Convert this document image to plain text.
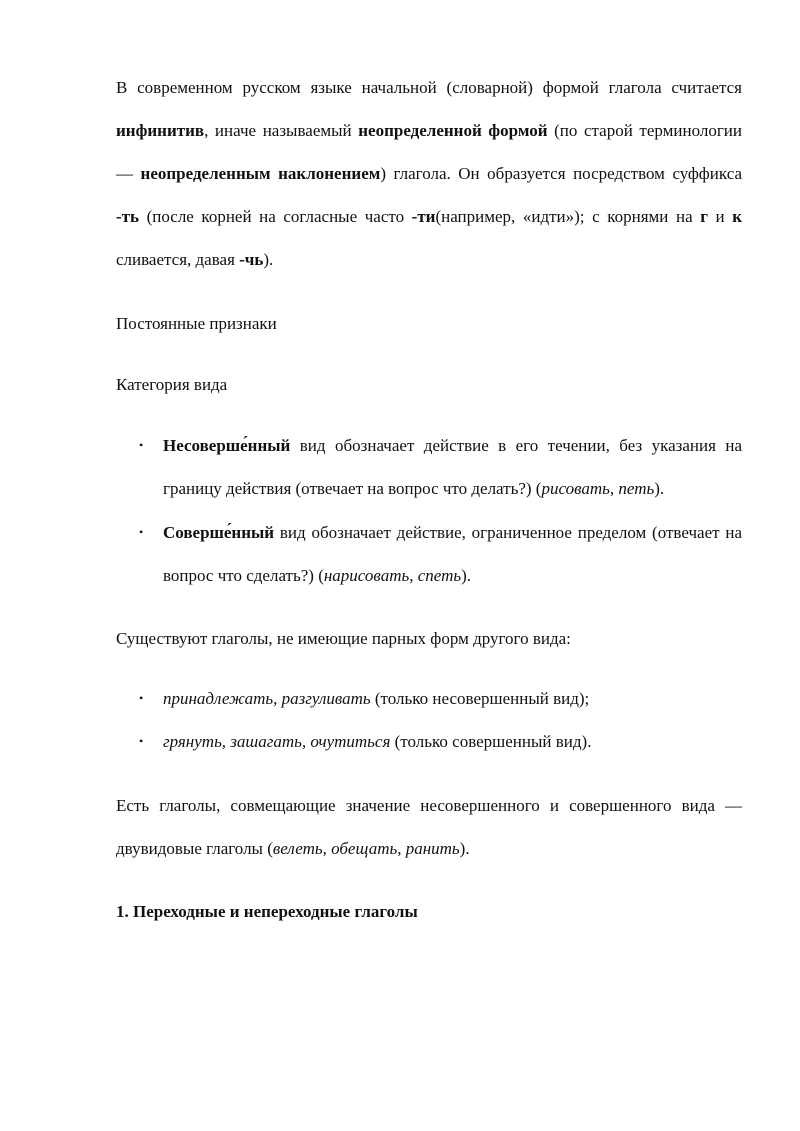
В современном русском языке начальной (словарной) формой глагола считается инфинитив, иначе называемый неопределенной формой (по старой терминологии — неопределенным наклонением) глагола. Он образуется посредством суффикса -ть (после корней на согласные часто -ти(например, «идти»); с корнями на г и к сливается, давая -чь).

Постоянные признаки

Категория вида

• Несоверше́нный вид обозначает действие в его течении, без указания на границу действия (отвечает на вопрос что делать?) (рисовать, петь).
• Соверше́нный вид обозначает действие, ограниченное пределом (отвечает на вопрос что сделать?) (нарисовать, спеть).

Существуют глаголы, не имеющие парных форм другого вида:

• принадлежать, разгуливать (только несовершенный вид);
• грянуть, зашагать, очутиться (только совершенный вид).

Есть глаголы, совмещающие значение несовершенного и совершенного вида — двувидовые глаголы (велеть, обещать, ранить).

1. Переходные и непереходные глаголы
